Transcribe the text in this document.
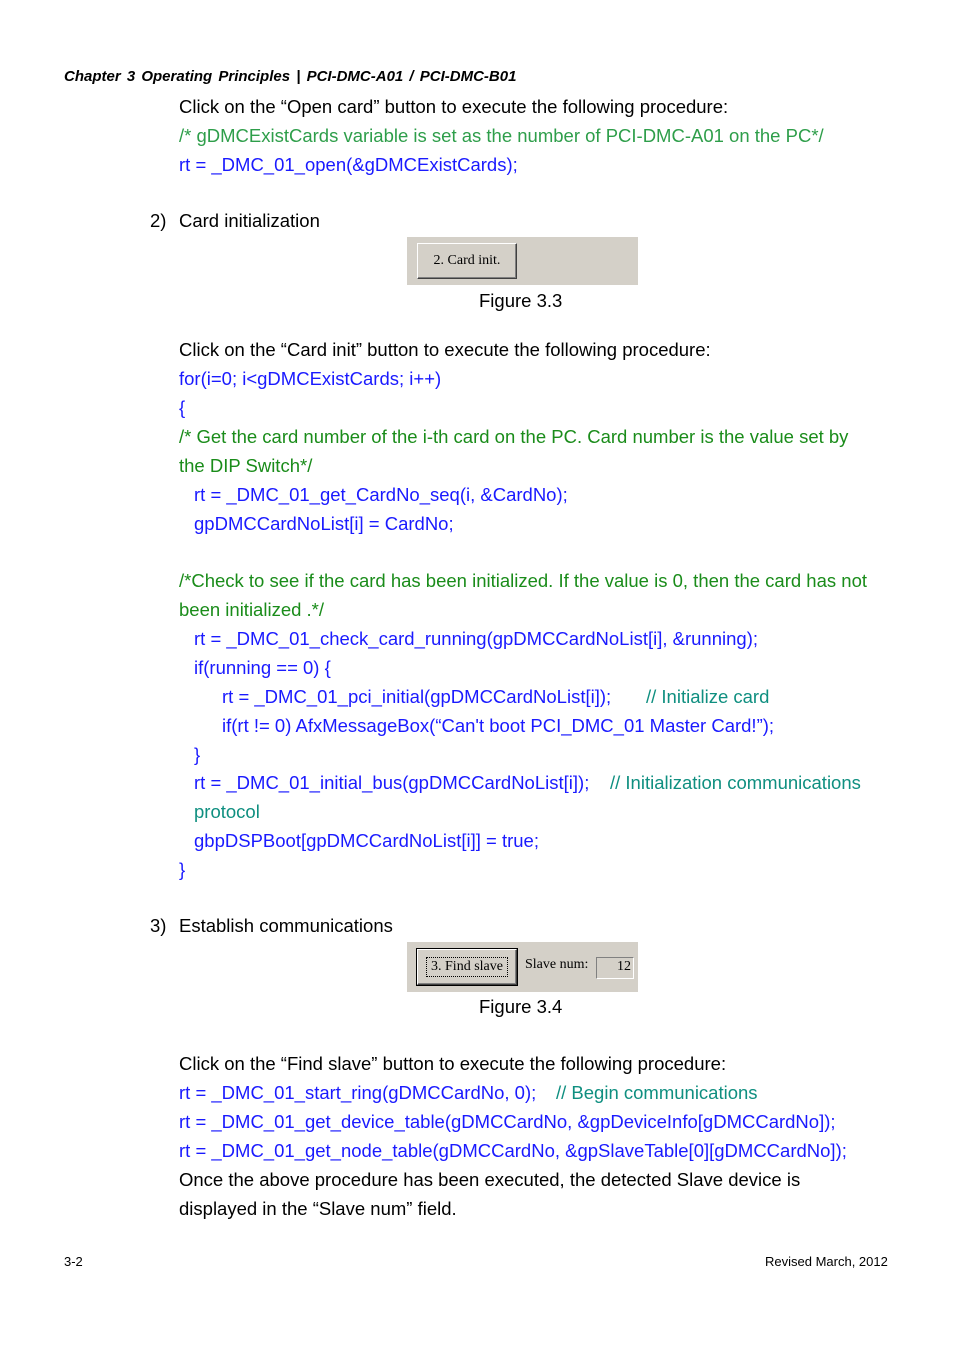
Chapter 3 Operating Principles | PCI-DMC-A01 / PCI-DMC-B01
Click on the “Open card” button to execute the following procedure:
/* gDMCExistCards variable is set as the number of PCI-DMC-A01 on the PC*/
rt = _DMC_01_open(&gDMCExistCards);
2) Card initialization
2. Card init.
Figure 3.3
Click on the “Card init” button to execute the following procedure:
for(i=0; i<gDMCExistCards; i++)
{
/* Get the card number of the i-th card on the PC. Card number is the value set by
the DIP Switch*/
rt = _DMC_01_get_CardNo_seq(i, &CardNo);
gpDMCCardNoList[i] = CardNo;
/*Check to see if the card has been initialized. If the value is 0, then the card has not
been initialized .*/
rt = _DMC_01_check_card_running(gpDMCCardNoList[i], &running);
if(running == 0) {
rt = _DMC_01_pci_initial(gpDMCCardNoList[i]); // Initialize card
if(rt != 0) AfxMessageBox(“Can't boot PCI_DMC_01 Master Card!”);
}
rt = _DMC_01_initial_bus(gpDMCCardNoList[i]); // Initialization communications
protocol
gbpDSPBoot[gpDMCCardNoList[i]] = true;
}
3) Establish communications
3. Find slave	Slave num:	12
Figure 3.4
Click on the “Find slave” button to execute the following procedure:
rt = _DMC_01_start_ring(gDMCCardNo, 0); // Begin communications
rt = _DMC_01_get_device_table(gDMCCardNo, &gpDeviceInfo[gDMCCardNo]);
rt = _DMC_01_get_node_table(gDMCCardNo, &gpSlaveTable[0][gDMCCardNo]);
Once the above procedure has been executed, the detected Slave device is
displayed in the “Slave num” field.
3-2	Revised March, 2012
